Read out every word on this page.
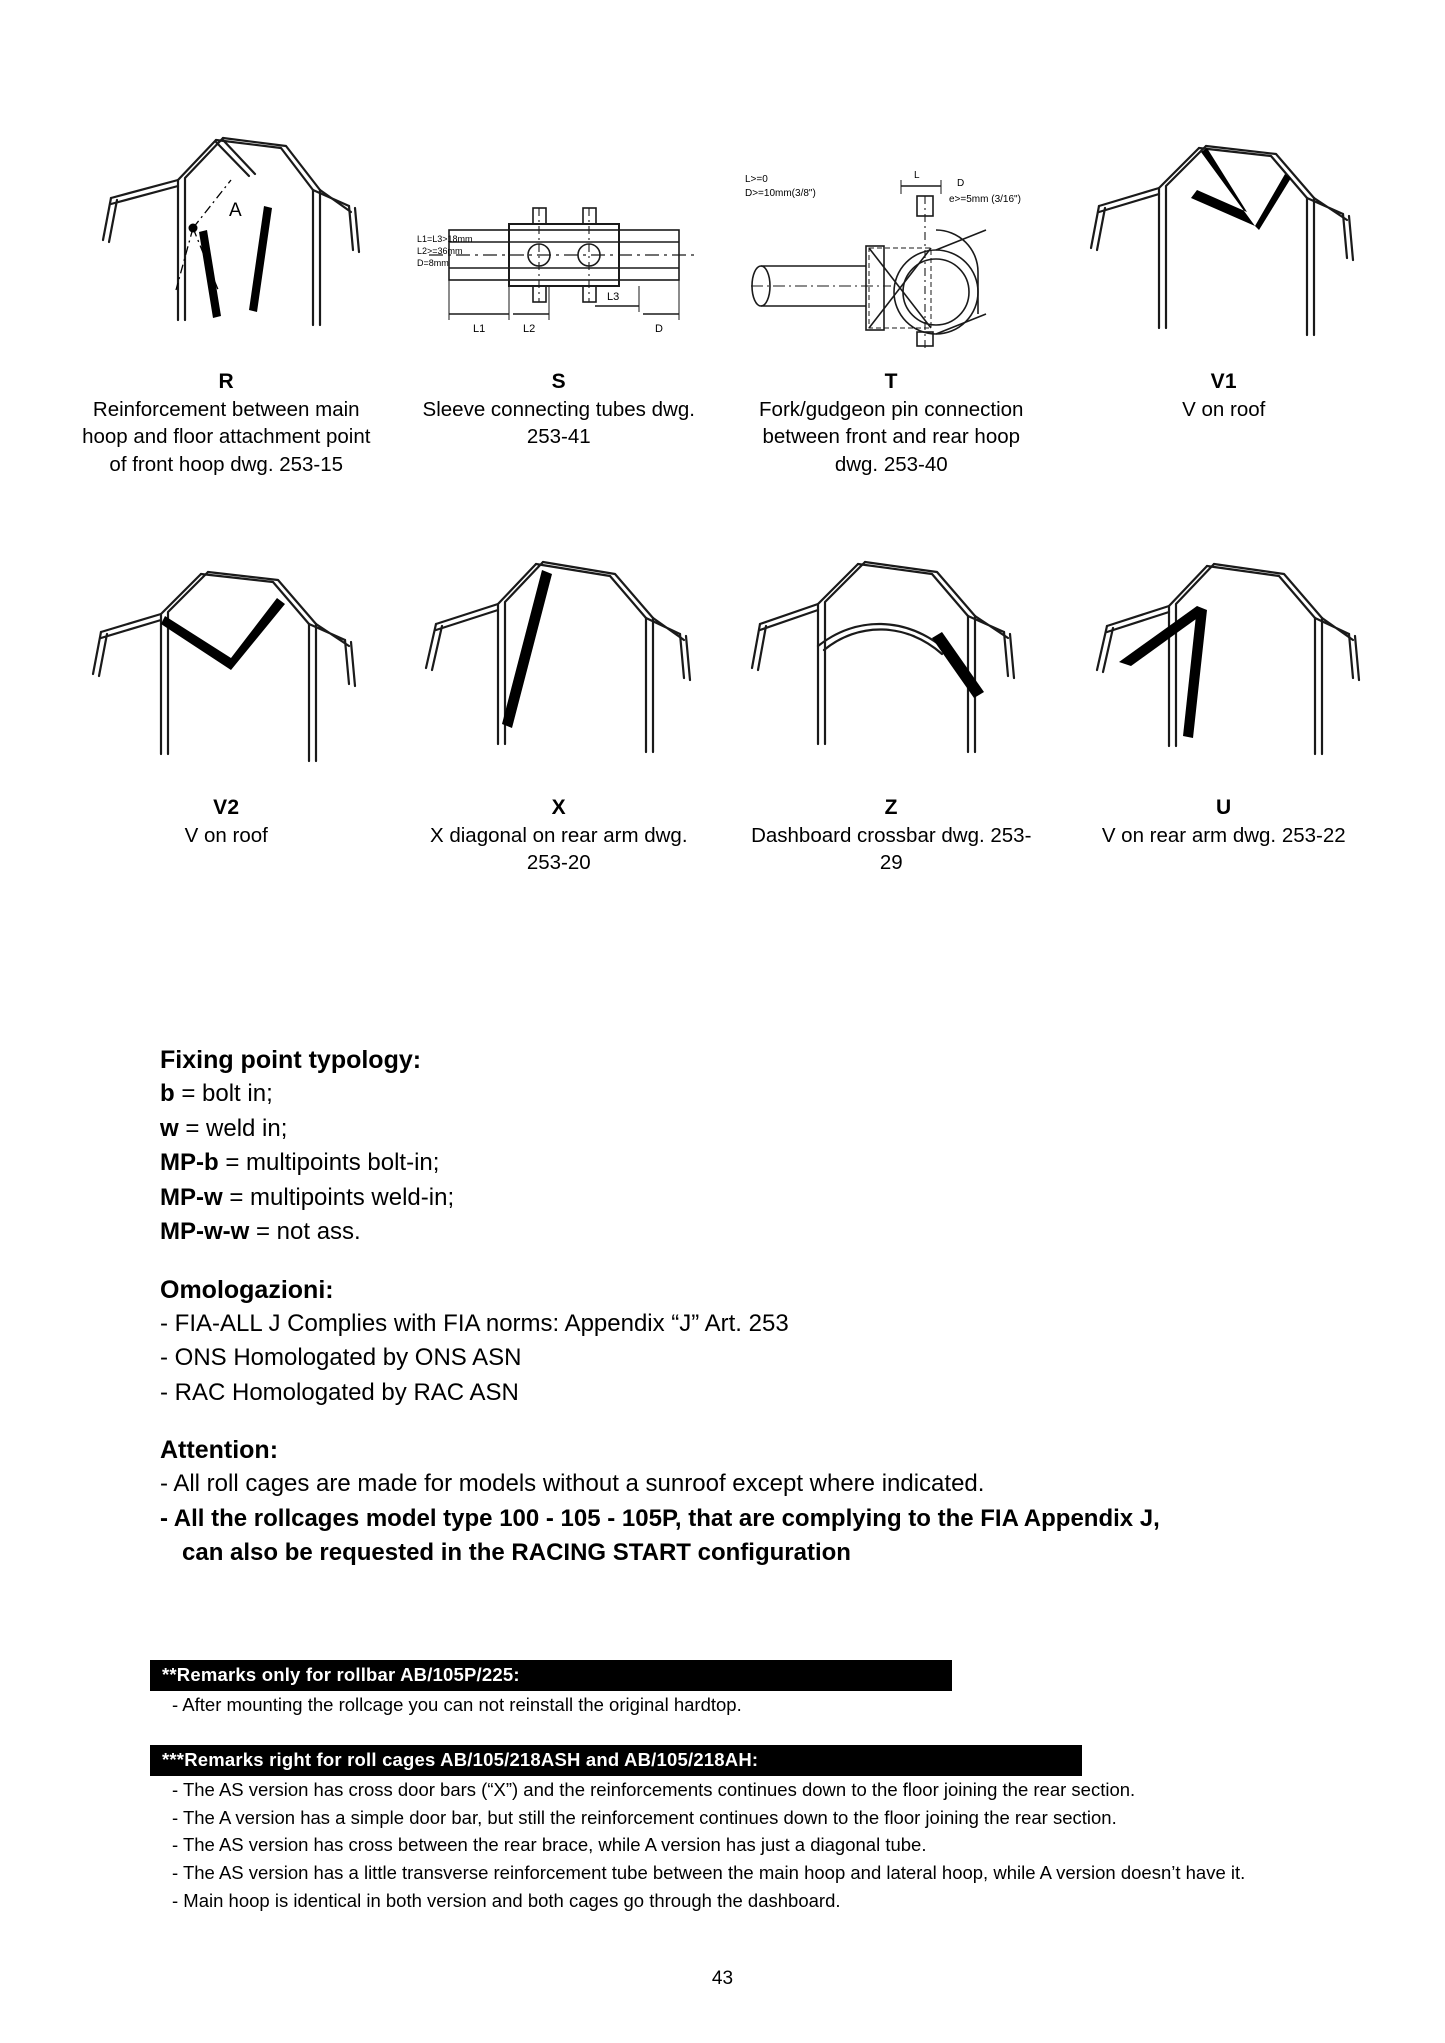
A
R
Reinforcement between main hoop and floor attachment point of front hoop dwg. 253-15
L1=L3>18mm
L2>=36mm
D=8mm
L1	L2
L3
D
S
Sleeve connecting tubes dwg. 253-41
L>=0
D>=10mm(3/8")
L
D
e>=5mm (3/16")
T
Fork/gudgeon pin connection between front and rear hoop dwg. 253-40
V1
V on roof
V2
V on roof
X
X diagonal on rear arm dwg. 253-20
Z
Dashboard crossbar dwg. 253-29
U
V on rear arm dwg. 253-22

Fixing point typology:

b = bolt in;

w = weld in;

MP-b = multipoints bolt-in;

MP-w = multipoints weld-in;

MP-w-w = not ass.

Omologazioni:

- FIA-ALL J Complies with FIA norms: Appendix “J” Art. 253

- ONS Homologated by ONS ASN

- RAC Homologated by RAC ASN

Attention:

- All roll cages are made for models without a sunroof except where indicated.

- All the rollcages model type 100 - 105 - 105P, that are complying to the FIA Appendix J,

can also be requested in the RACING START configuration

**Remarks only for rollbar AB/105P/225:
- After mounting the rollcage you can not reinstall the original hardtop.
***Remarks right for roll cages AB/105/218ASH and AB/105/218AH:
- The AS version has cross door bars (“X”) and the reinforcements continues down to the floor joining the rear section.
- The A version has a simple door bar, but still the reinforcement continues down to the floor joining the rear section.
- The AS version has cross between the rear brace, while A version has just a diagonal tube.
- The AS version has a little transverse reinforcement tube between the main hoop and lateral hoop, while A version doesn’t have it.
- Main hoop is identical in both version and both cages go through the dashboard.
43
